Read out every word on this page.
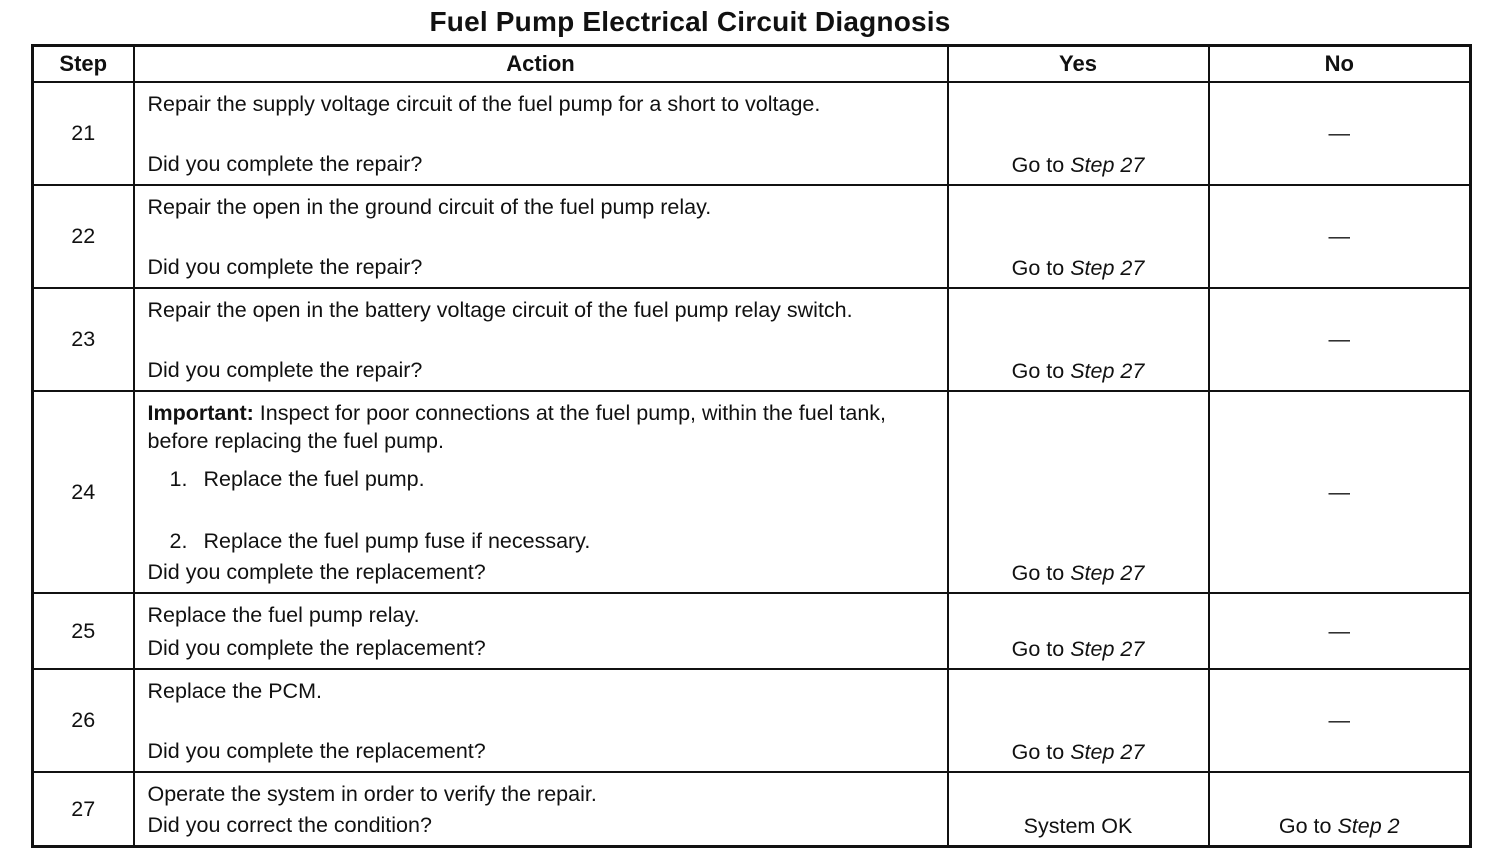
Fuel Pump Electrical Circuit Diagnosis
Step	Action	Yes	No
21	Repair the supply voltage circuit of the fuel pump for a short to voltage.
Did you complete the repair?	Go to Step 27	—
22	Repair the open in the ground circuit of the fuel pump relay.
Did you complete the repair?	Go to Step 27	—
23	Repair the open in the battery voltage circuit of the fuel pump relay switch.
Did you complete the repair?	Go to Step 27	—
24	Important: Inspect for poor connections at the fuel pump, within the fuel tank, before replacing the fuel pump.
1. Replace the fuel pump.
2. Replace the fuel pump fuse if necessary.
Did you complete the replacement?	Go to Step 27	—
25	Replace the fuel pump relay.
Did you complete the replacement?	Go to Step 27	—
26	Replace the PCM.
Did you complete the replacement?	Go to Step 27	—
27	Operate the system in order to verify the repair.
Did you correct the condition?	System OK	Go to Step 2
